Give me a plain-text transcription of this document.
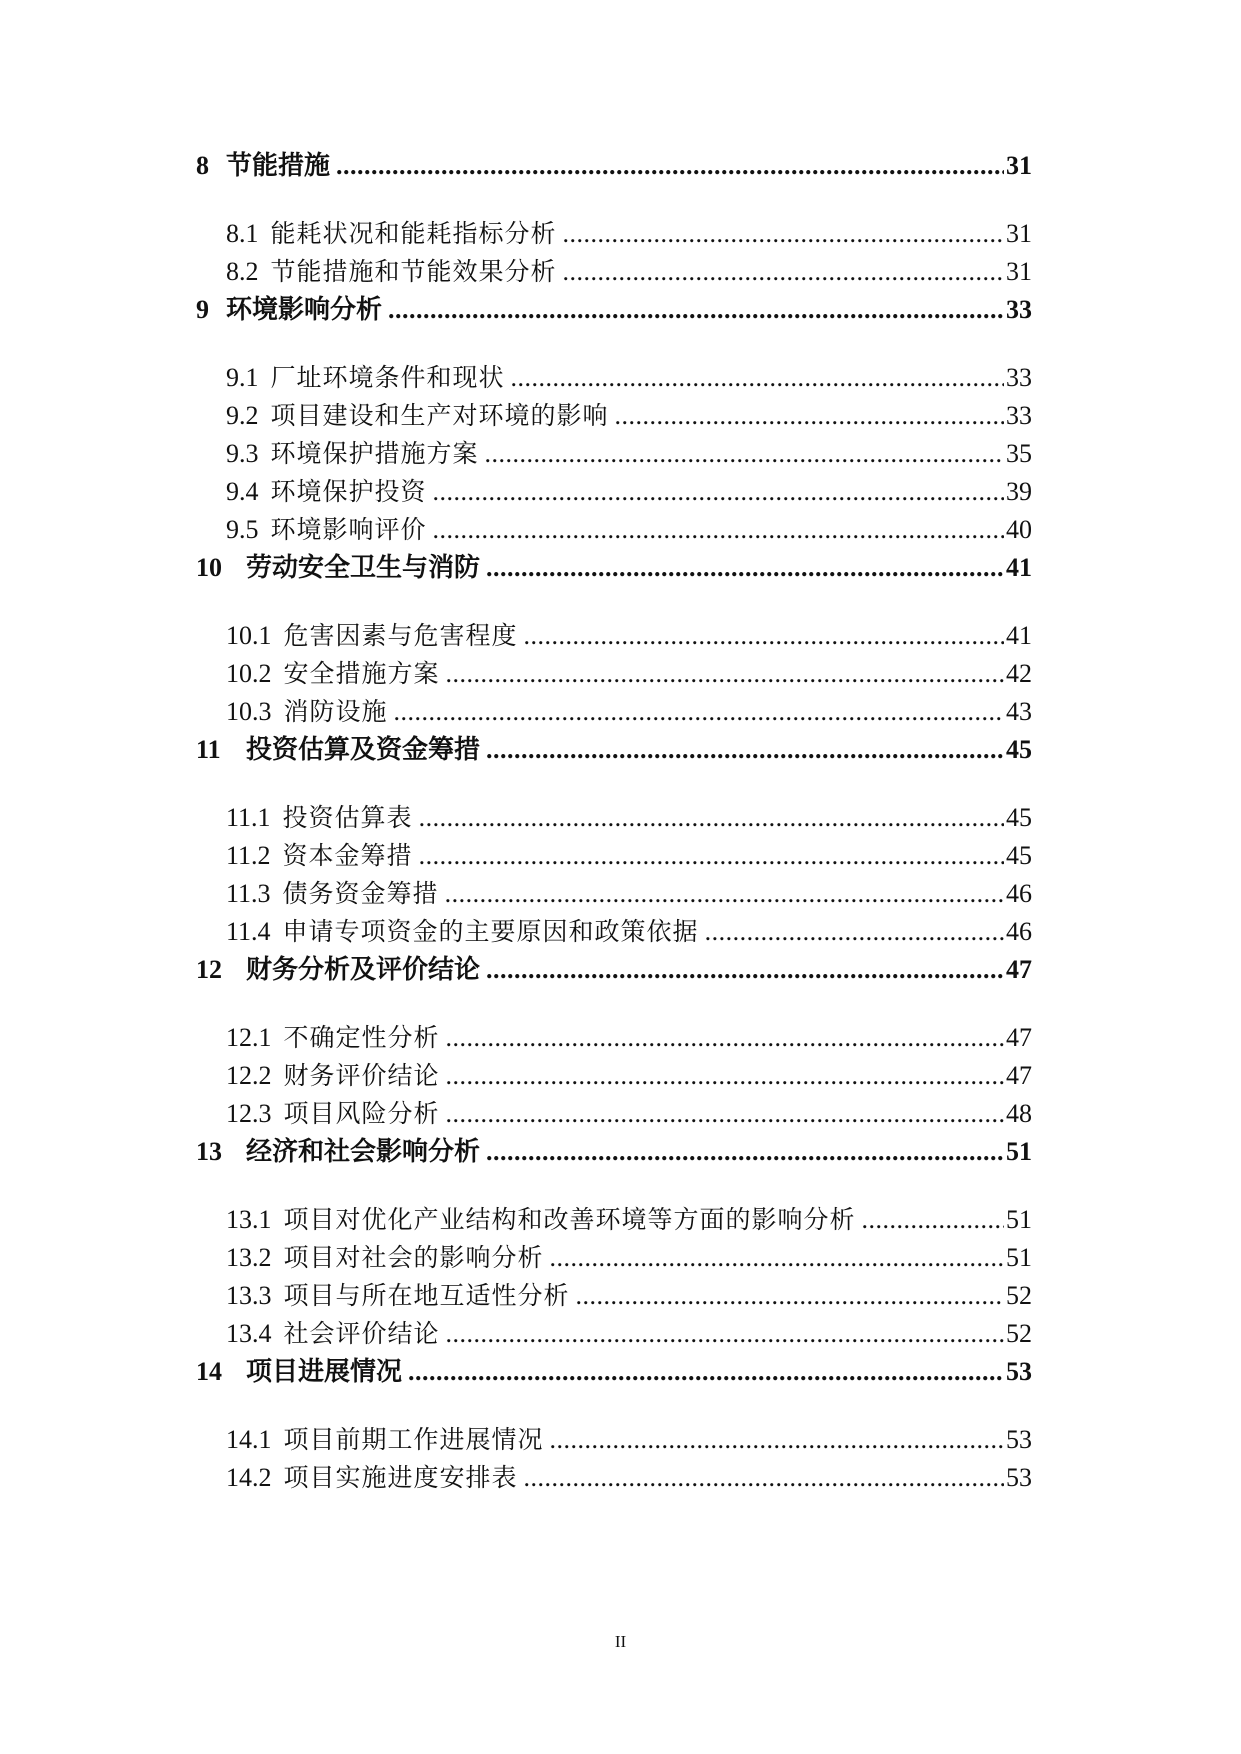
8 节能措施 .....	31
8.1 能耗状况和能耗指标分析 .....	31
8.2 节能措施和节能效果分析 .....	31
9 环境影响分析 .....	33
9.1 厂址环境条件和现状 .....	33
9.2 项目建设和生产对环境的影响 .....	33
9.3 环境保护措施方案 .....	35
9.4 环境保护投资 .....	39
9.5 环境影响评价 .....	40
10 劳动安全卫生与消防 .....	41
10.1 危害因素与危害程度 .....	41
10.2 安全措施方案 .....	42
10.3 消防设施 .....	43
11 投资估算及资金筹措 .....	45
11.1 投资估算表 .....	45
11.2 资本金筹措 .....	45
11.3 债务资金筹措 .....	46
11.4 申请专项资金的主要原因和政策依据 .....	46
12 财务分析及评价结论 .....	47
12.1 不确定性分析 .....	47
12.2 财务评价结论 .....	47
12.3 项目风险分析 .....	48
13 经济和社会影响分析 .....	51
13.1 项目对优化产业结构和改善环境等方面的影响分析 .....	51
13.2 项目对社会的影响分析 .....	51
13.3 项目与所在地互适性分析 .....	52
13.4 社会评价结论 .....	52
14 项目进展情况 .....	53
14.1 项目前期工作进展情况 .....	53
14.2 项目实施进度安排表 .....	53
II
